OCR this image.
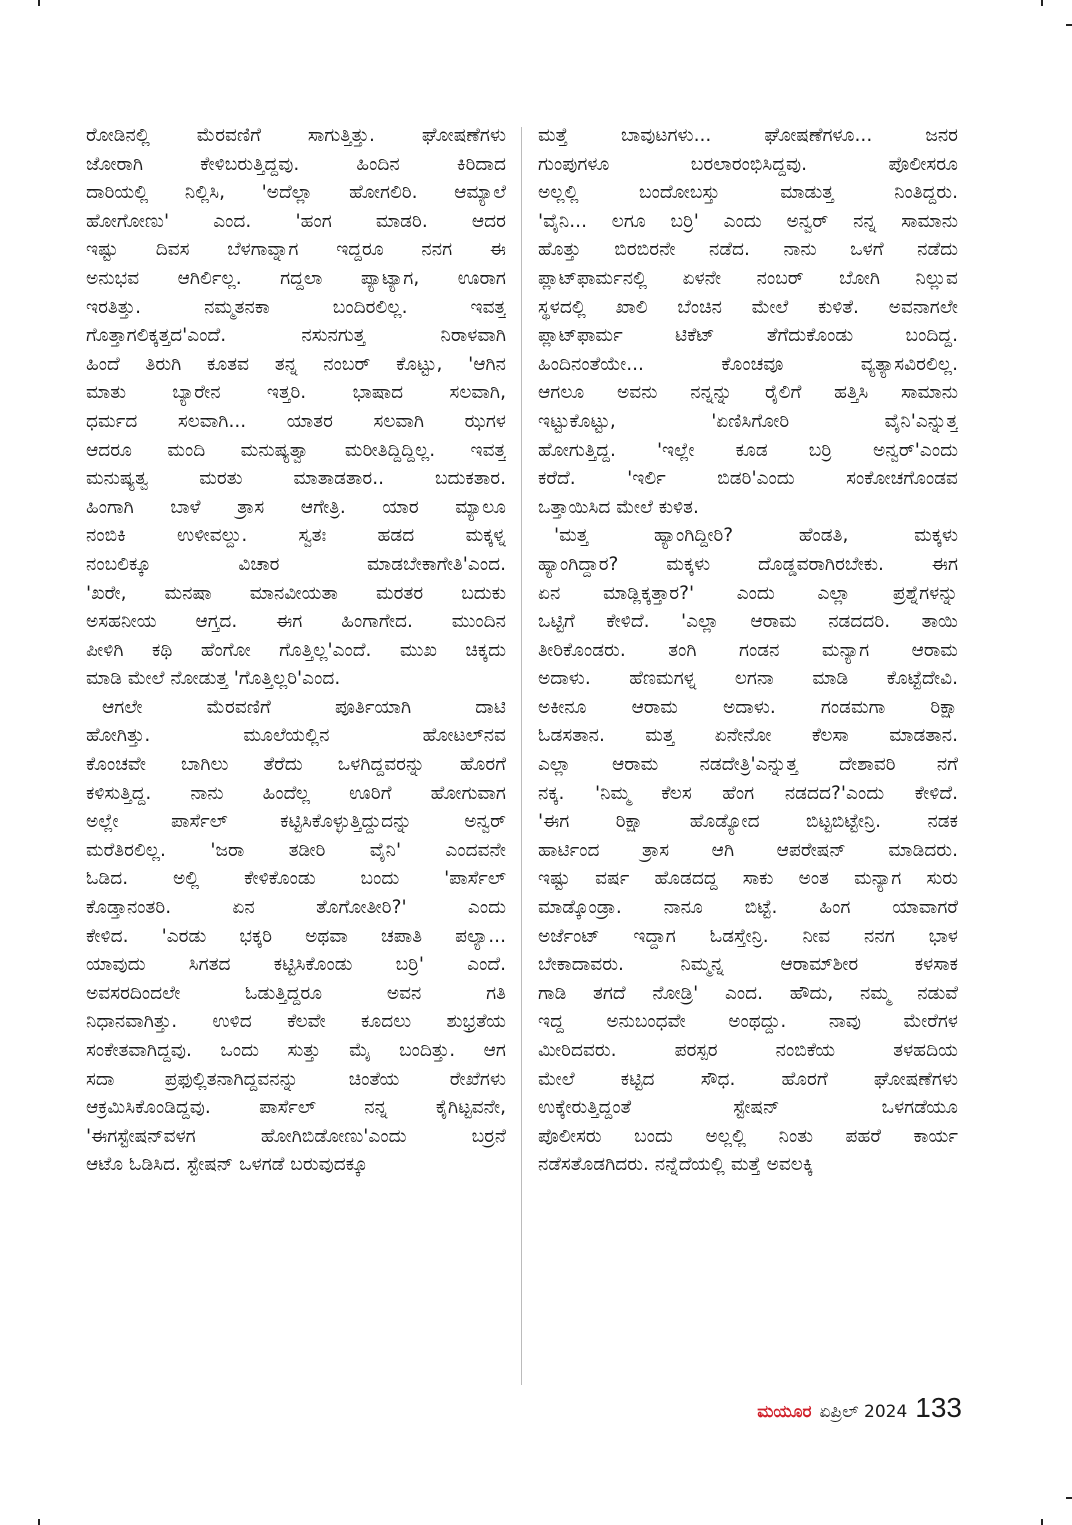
ರೋಡಿನಲ್ಲಿ ಮೆರವಣಿಗೆ ಸಾಗುತ್ತಿತ್ತು. ಘೋಷಣೆಗಳು
ಜೋರಾಗಿ ಕೇಳಿಬರುತ್ತಿದ್ದವು. ಹಿಂದಿನ ಕಿರಿದಾದ
ದಾರಿಯಲ್ಲಿ ನಿಲ್ಲಿಸಿ, 'ಅದೆಲ್ಲಾ ಹೋಗಲಿರಿ. ಆಮ್ಯಾಲೆ
ಹೋಗೋಣು' ಎಂದ. 'ಹಂಗ ಮಾಡರಿ. ಆದರ
ಇಷ್ಟು ದಿವಸ ಬೆಳಗಾವ್ನಾಗ ಇದ್ದರೂ ನನಗ ಈ
ಅನುಭವ ಆಗಿರ್ಲಿಲ್ಲ. ಗದ್ದಲಾ ಪ್ಯಾಟ್ಯಾಗ, ಊರಾಗ
ಇರತಿತ್ತು. ನಮ್ಮತನಕಾ ಬಂದಿರಲಿಲ್ಲ. ಇವತ್ತ
ಗೊತ್ತಾಗಲಿಕ್ಕತ್ತದ'ಎಂದೆ. ನಸುನಗುತ್ತ ನಿರಾಳವಾಗಿ
ಹಿಂದೆ ತಿರುಗಿ ಕೂತವ ತನ್ನ ನಂಬರ್ ಕೊಟ್ಟು, 'ಆಗಿನ
ಮಾತು ಬ್ಯಾರೇನ ಇತ್ತರಿ. ಭಾಷಾದ ಸಲವಾಗಿ,
ಧರ್ಮದ ಸಲವಾಗಿ... ಯಾತರ ಸಲವಾಗಿ ಝಗಳ
ಆದರೂ ಮಂದಿ ಮನುಷ್ಯತ್ವಾ ಮರೀತಿದ್ದಿದ್ದಿಲ್ಲ. ಇವತ್ತ
ಮನುಷ್ಯತ್ವ ಮರತು ಮಾತಾಡತಾರ.. ಬದುಕತಾರ.
ಹಿಂಗಾಗಿ ಬಾಳೆ ತ್ರಾಸ ಆಗೇತ್ರಿ. ಯಾರ ಮ್ಯಾಲೂ
ನಂಬಿಕಿ ಉಳೀವಲ್ದು. ಸ್ವತಃ ಹಡದ ಮಕ್ಕಳ್ನ
ನಂಬಲಿಕ್ಕೂ ವಿಚಾರ ಮಾಡಬೇಕಾಗೇತಿ'ಎಂದ.
'ಖರೇ, ಮನಷಾ ಮಾನವೀಯತಾ ಮರತರ ಬದುಕು
ಅಸಹನೀಯ ಆಗ್ತದ. ಈಗ ಹಿಂಗಾಗೇದ. ಮುಂದಿನ
ಪೀಳಿಗಿ ಕಥಿ ಹೆಂಗೋ ಗೊತ್ತಿಲ್ಲ'ಎಂದೆ. ಮುಖ ಚಿಕ್ಕದು
ಮಾಡಿ ಮೇಲೆ ನೋಡುತ್ತ 'ಗೊತ್ತಿಲ್ಲರಿ'ಎಂದ.
ಆಗಲೇ ಮೆರವಣಿಗೆ ಪೂರ್ತಿಯಾಗಿ ದಾಟಿ
ಹೋಗಿತ್ತು. ಮೂಲೆಯಲ್ಲಿನ ಹೋಟಲ್‌ನವ
ಕೊಂಚವೇ ಬಾಗಿಲು ತೆರೆದು ಒಳಗಿದ್ದವರನ್ನು ಹೊರಗೆ
ಕಳಿಸುತ್ತಿದ್ದ. ನಾನು ಹಿಂದೆಲ್ಲ ಊರಿಗೆ ಹೋಗುವಾಗ
ಅಲ್ಲೇ ಪಾರ್ಸೆಲ್ ಕಟ್ಟಿಸಿಕೊಳ್ಳುತ್ತಿದ್ದುದನ್ನು ಅನ್ವರ್
ಮರೆತಿರಲಿಲ್ಲ. 'ಜರಾ ತಡೀರಿ ವೈನಿ' ಎಂದವನೇ
ಓಡಿದ. ಅಲ್ಲಿ ಕೇಳಿಕೊಂಡು ಬಂದು 'ಪಾರ್ಸೆಲ್
ಕೊಡ್ತಾನಂತರಿ. ಏನ ತೊಗೋತೀರಿ?' ಎಂದು
ಕೇಳಿದ. 'ಎರಡು ಭಕ್ಕರಿ ಅಥವಾ ಚಪಾತಿ ಪಲ್ಯಾ...
ಯಾವುದು ಸಿಗತದ ಕಟ್ಟಿಸಿಕೊಂಡು ಬರ್ರಿ' ಎಂದೆ.
ಅವಸರದಿಂದಲೇ ಓಡುತ್ತಿದ್ದರೂ ಅವನ ಗತಿ
ನಿಧಾನವಾಗಿತ್ತು. ಉಳಿದ ಕೆಲವೇ ಕೂದಲು ಶುಭ್ರತೆಯ
ಸಂಕೇತವಾಗಿದ್ದವು. ಒಂದು ಸುತ್ತು ಮೈ ಬಂದಿತ್ತು. ಆಗ
ಸದಾ ಪ್ರಫುಲ್ಲಿತನಾಗಿದ್ದವನನ್ನು ಚಿಂತೆಯ ರೇಖೆಗಳು
ಆಕ್ರಮಿಸಿಕೊಂಡಿದ್ದವು. ಪಾರ್ಸೆಲ್ ನನ್ನ ಕೈಗಿಟ್ಟವನೇ,
'ಈಗಸ್ಟೇಷನ್‌ವಳಗ ಹೋಗಿಬಿಡೋಣು'ಎಂದು ಬರ್ರನೆ
ಆಟೊ ಓಡಿಸಿದ. ಸ್ಟೇಷನ್ ಒಳಗಡೆ ಬರುವುದಕ್ಕೂ
ಮತ್ತೆ ಬಾವುಟಗಳು... ಘೋಷಣೆಗಳೂ... ಜನರ
ಗುಂಪುಗಳೂ ಬರಲಾರಂಭಿಸಿದ್ದವು. ಪೊಲೀಸರೂ
ಅಲ್ಲಲ್ಲಿ ಬಂದೋಬಸ್ತು ಮಾಡುತ್ತ ನಿಂತಿದ್ದರು.
'ವೈನಿ... ಲಗೂ ಬರ್ರಿ' ಎಂದು ಅನ್ವರ್ ನನ್ನ ಸಾಮಾನು
ಹೊತ್ತು ಬಿರಬಿರನೇ ನಡೆದ. ನಾನು ಒಳಗೆ ನಡೆದು
ಪ್ಲಾಟ್‌ಫಾರ್ಮನಲ್ಲಿ ಏಳನೇ ನಂಬರ್ ಬೋಗಿ ನಿಲ್ಲುವ
ಸ್ಥಳದಲ್ಲಿ ಖಾಲಿ ಬೆಂಚಿನ ಮೇಲೆ ಕುಳಿತೆ. ಅವನಾಗಲೇ
ಪ್ಲಾಟ್‌ಫಾರ್ಮ ಟಿಕೆಟ್ ತೆಗೆದುಕೊಂಡು ಬಂದಿದ್ದ.
ಹಿಂದಿನಂತೆಯೇ... ಕೊಂಚವೂ ವ್ಯತ್ಯಾಸವಿರಲಿಲ್ಲ.
ಆಗಲೂ ಅವನು ನನ್ನನ್ನು ರೈಲಿಗೆ ಹತ್ತಿಸಿ ಸಾಮಾನು
ಇಟ್ಟುಕೊಟ್ಟು, 'ಏಣಿಸಿಗೋರಿ ವೈನಿ'ಎನ್ನುತ್ತ
ಹೋಗುತ್ತಿದ್ದ. 'ಇಲ್ಲೇ ಕೂಡ ಬರ್ರಿ ಅನ್ವರ್'ಎಂದು
ಕರೆದೆ. 'ಇರ್ಲಿ ಬಿಡರಿ'ಎಂದು ಸಂಕೋಚಗೊಂಡವ
ಒತ್ತಾಯಿಸಿದ ಮೇಲೆ ಕುಳಿತ.
'ಮತ್ತ ಹ್ಯಾಂಗಿದ್ದೀರಿ? ಹೆಂಡತಿ, ಮಕ್ಕಳು
ಹ್ಯಾಂಗಿದ್ದಾರ? ಮಕ್ಕಳು ದೊಡ್ಡವರಾಗಿರಬೇಕು. ಈಗ
ಏನ ಮಾಡ್ಲಿಕ್ಕತ್ತಾರ?' ಎಂದು ಎಲ್ಲಾ ಪ್ರಶ್ನೆಗಳನ್ನು
ಒಟ್ಟಿಗೆ ಕೇಳಿದೆ. 'ಎಲ್ಲಾ ಆರಾಮ ನಡದದರಿ. ತಾಯಿ
ತೀರಿಕೊಂಡರು. ತಂಗಿ ಗಂಡನ ಮನ್ಯಾಗ ಆರಾಮ
ಅದಾಳು. ಹೆಣಮಗಳ್ನ ಲಗನಾ ಮಾಡಿ ಕೊಟ್ಟೆದೇವಿ.
ಅಕೀನೂ ಆರಾಮ ಅದಾಳು. ಗಂಡಮಗಾ ರಿಕ್ಷಾ
ಓಡಸತಾನ. ಮತ್ತ ಏನೇನೋ ಕೆಲಸಾ ಮಾಡತಾನ.
ಎಲ್ಲಾ ಆರಾಮ ನಡದೇತ್ರಿ'ಎನ್ನುತ್ತ ದೇಶಾವರಿ ನಗೆ
ನಕ್ಕ. 'ನಿಮ್ಮ ಕೆಲಸ ಹೆಂಗ ನಡದದ?'ಎಂದು ಕೇಳಿದೆ.
'ಈಗ ರಿಕ್ಷಾ ಹೊಡ್ಯೋದ ಬಿಟ್ಟಬಿಟ್ಟೇನ್ರಿ. ನಡಕ
ಹಾರ್ಟಿಂದ ತ್ರಾಸ ಆಗಿ ಆಪರೇಷನ್ ಮಾಡಿದರು.
ಇಷ್ಟು ವರ್ಷ ಹೊಡದದ್ದ ಸಾಕು ಅಂತ ಮನ್ಯಾಗ ಸುರು
ಮಾಡ್ಕೊಂಡ್ರಾ. ನಾನೂ ಬಿಟ್ಟೆ. ಹಿಂಗ ಯಾವಾಗರೆ
ಅರ್ಜೆಂಟ್ ಇದ್ದಾಗ ಓಡಸ್ತೇನ್ರಿ. ನೀವ ನನಗ ಭಾಳ
ಬೇಕಾದಾವರು. ನಿಮ್ಮನ್ನ ಆರಾಮ್‌ಶೀರ ಕಳಸಾಕ
ಗಾಡಿ ತಗದೆ ನೋಡ್ರಿ' ಎಂದ. ಹೌದು, ನಮ್ಮ ನಡುವೆ
ಇದ್ದ ಅನುಬಂಧವೇ ಅಂಥದ್ದು. ನಾವು ಮೇರೆಗಳ
ಮೀರಿದವರು. ಪರಸ್ಪರ ನಂಬಿಕೆಯ ತಳಹದಿಯ
ಮೇಲೆ ಕಟ್ಟಿದ ಸೌಧ. ಹೊರಗೆ ಘೋಷಣೆಗಳು
ಉಕ್ಕೇರುತ್ತಿದ್ದಂತೆ ಸ್ಟೇಷನ್ ಒಳಗಡೆಯೂ
ಪೊಲೀಸರು ಬಂದು ಅಲ್ಲಲ್ಲಿ ನಿಂತು ಪಹರೆ ಕಾರ್ಯ
ನಡೆಸತೊಡಗಿದರು. ನನ್ನೆದೆಯಲ್ಲಿ ಮತ್ತೆ ಅವಲಕ್ಕಿ
ಮಯೂರ ಏಪ್ರಿಲ್ 2024 133
